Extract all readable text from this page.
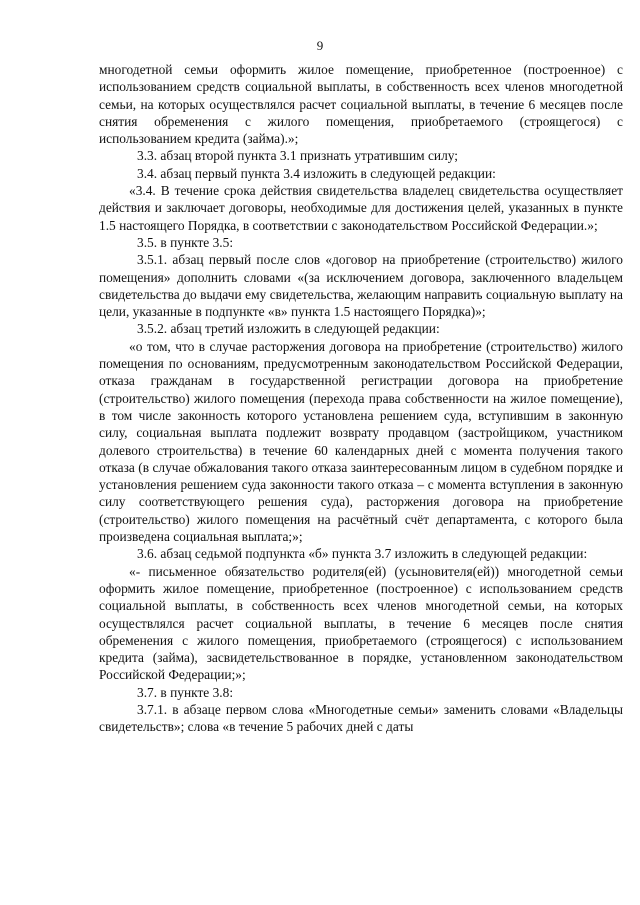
9

многодетной семьи оформить жилое помещение, приобретенное (построенное) с использованием средств социальной выплаты, в собственность всех членов многодетной семьи, на которых осуществлялся расчет социальной выплаты, в течение 6 месяцев после снятия обременения с жилого помещения, приобретаемого (строящегося) с использованием кредита (займа).»;

3.3. абзац второй пункта 3.1 признать утратившим силу;

3.4. абзац первый пункта 3.4 изложить в следующей редакции:

«3.4. В течение срока действия свидетельства владелец свидетельства осуществляет действия и заключает договоры, необходимые для достижения целей, указанных в пункте 1.5 настоящего Порядка, в соответствии с законодательством Российской Федерации.»;

3.5. в пункте 3.5:

3.5.1. абзац первый после слов «договор на приобретение (строительство) жилого помещения» дополнить словами «(за исключением договора, заключенного владельцем свидетельства до выдачи ему свидетельства, желающим направить социальную выплату на цели, указанные в подпункте «в» пункта 1.5 настоящего Порядка)»;

3.5.2. абзац третий изложить в следующей редакции:

«о том, что в случае расторжения договора на приобретение (строительство) жилого помещения по основаниям, предусмотренным законодательством Российской Федерации, отказа гражданам в государственной регистрации договора на приобретение (строительство) жилого помещения (перехода права собственности на жилое помещение), в том числе законность которого установлена решением суда, вступившим в законную силу, социальная выплата подлежит возврату продавцом (застройщиком, участником долевого строительства) в течение 60 календарных дней с момента получения такого отказа (в случае обжалования такого отказа заинтересованным лицом в судебном порядке и установления решением суда законности такого отказа – с момента вступления в законную силу соответствующего решения суда), расторжения договора на приобретение (строительство) жилого помещения на расчётный счёт департамента, с которого была произведена социальная выплата;»;

3.6. абзац седьмой подпункта «б» пункта 3.7 изложить в следующей редакции:

«- письменное обязательство родителя(ей) (усыновителя(ей)) многодетной семьи оформить жилое помещение, приобретенное (построенное) с использованием средств социальной выплаты, в собственность всех членов многодетной семьи, на которых осуществлялся расчет социальной выплаты, в течение 6 месяцев после снятия обременения с жилого помещения, приобретаемого (строящегося) с использованием кредита (займа), засвидетельствованное в порядке, установленном законодательством Российской Федерации;»;

3.7. в пункте 3.8:

3.7.1. в абзаце первом слова «Многодетные семьи» заменить словами «Владельцы свидетельств»; слова «в течение 5 рабочих дней с даты
